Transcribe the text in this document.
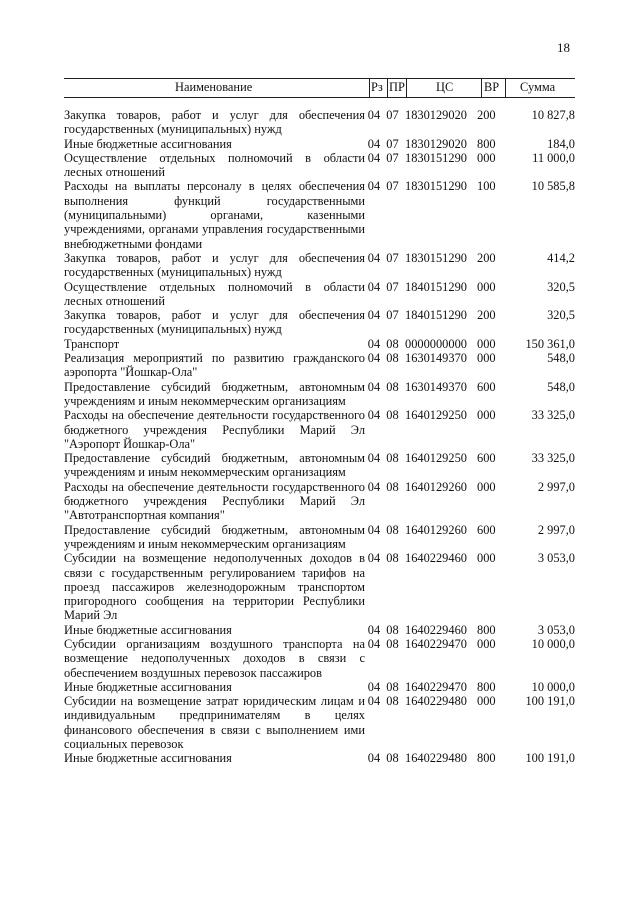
18
Наименование	Рз ПР	ЦС ВР Сумма
Закупка товаров, работ и услуг для обеспечения государственных (муниципальных) нужд
04 07 1830129020 200	10 827,8
Иные бюджетные ассигнования	04 07 1830129020 800	184,0
Осуществление отдельных полномочий в области лесных отношений
04 07 1830151290 000	11 000,0
Расходы на выплаты персоналу в целях обеспечения выполнения функций государственными (муниципальными) органами, казенными учреждениями, органами управления государственными внебюджетными фондами
04 07 1830151290 100	10 585,8
Закупка товаров, работ и услуг для обеспечения государственных (муниципальных) нужд
04 07 1830151290 200	414,2
Осуществление отдельных полномочий в области лесных отношений
04 07 1840151290 000	320,5
Закупка товаров, работ и услуг для обеспечения государственных (муниципальных) нужд
04 07 1840151290 200	320,5
Транспорт	04 08 0000000000 000	150 361,0
Реализация мероприятий по развитию гражданского аэропорта "Йошкар-Ола"
04 08 1630149370 000	548,0
Предоставление субсидий бюджетным, автономным учреждениям и иным некоммерческим организациям
04 08 1630149370 600	548,0
Расходы на обеспечение деятельности государственного бюджетного учреждения Республики Марий Эл "Аэропорт Йошкар-Ола"
04 08 1640129250 000	33 325,0
Предоставление субсидий бюджетным, автономным учреждениям и иным некоммерческим организациям
04 08 1640129250 600	33 325,0
Расходы на обеспечение деятельности государственного бюджетного учреждения Республики Марий Эл "Автотранспортная компания"
04 08 1640129260 000	2 997,0
Предоставление субсидий бюджетным, автономным учреждениям и иным некоммерческим организациям
04 08 1640129260 600	2 997,0
Субсидии на возмещение недополученных доходов в связи с государственным регулированием тарифов на проезд пассажиров железнодорожным транспортом пригородного сообщения на территории Республики Марий Эл
04 08 1640229460 000	3 053,0
Иные бюджетные ассигнования	04 08 1640229460 800	3 053,0
Субсидии организациям воздушного транспорта на возмещение недополученных доходов в связи с обеспечением воздушных перевозок пассажиров
04 08 1640229470 000	10 000,0
Иные бюджетные ассигнования	04 08 1640229470 800	10 000,0
Субсидии на возмещение затрат юридическим лицам и индивидуальным предпринимателям в целях финансового обеспечения в связи с выполнением ими социальных перевозок
04 08 1640229480 000	100 191,0
Иные бюджетные ассигнования	04 08 1640229480 800	100 191,0
